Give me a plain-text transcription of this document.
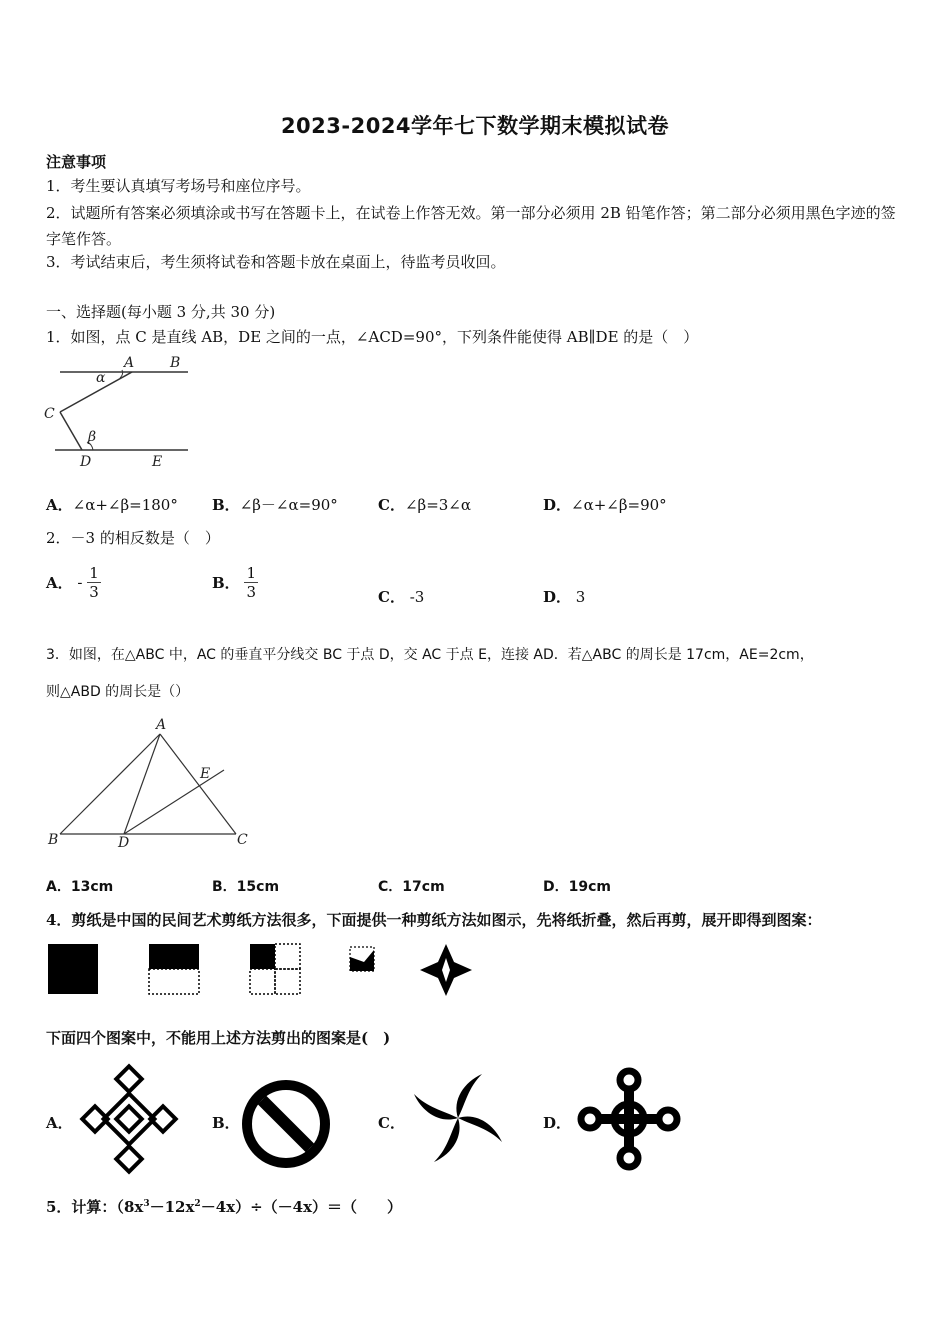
2023-2024学年七下数学期末模拟试卷
注意事项
1．考生要认真填写考场号和座位序号。
2．试题所有答案必须填涂或书写在答题卡上，在试卷上作答无效。第一部分必须用 2B 铅笔作答；第二部分必须用黑色字迹的签字笔作答。
3．考试结束后，考生须将试卷和答题卡放在桌面上，待监考员收回。
一、选择题(每小题 3 分,共 30 分)
1．如图，点 C 是直线 AB，DE 之间的一点，∠ACD=90°，下列条件能使得 AB∥DE 的是（　）
A	B
C
D	E
α
β
A．∠α+∠β=180° B．∠β－∠α=90°	C．∠β=3∠α	D．∠α+∠β=90°
2．－3 的相反数是（　）
A． - $\frac{1}{3}$	B． $\frac{1}{3}$	C． -3	D． 3
3．如图，在△ABC 中，AC 的垂直平分线交 BC 于点 D，交 AC 于点 E，连接 AD．若△ABC 的周长是 17cm，AE=2cm，
则△ABD 的周长是（）
A
B	C
D
E
A．13cm	B．15cm	C．17cm	D．19cm
4．剪纸是中国的民间艺术剪纸方法很多，下面提供一种剪纸方法如图示，先将纸折叠，然后再剪，展开即得到图案：
下面四个图案中，不能用上述方法剪出的图案是(　)
A．	B．	C．	D．
5．计算：$(8x^3-12x^2-4x)\div(-4x)=$（　　）
